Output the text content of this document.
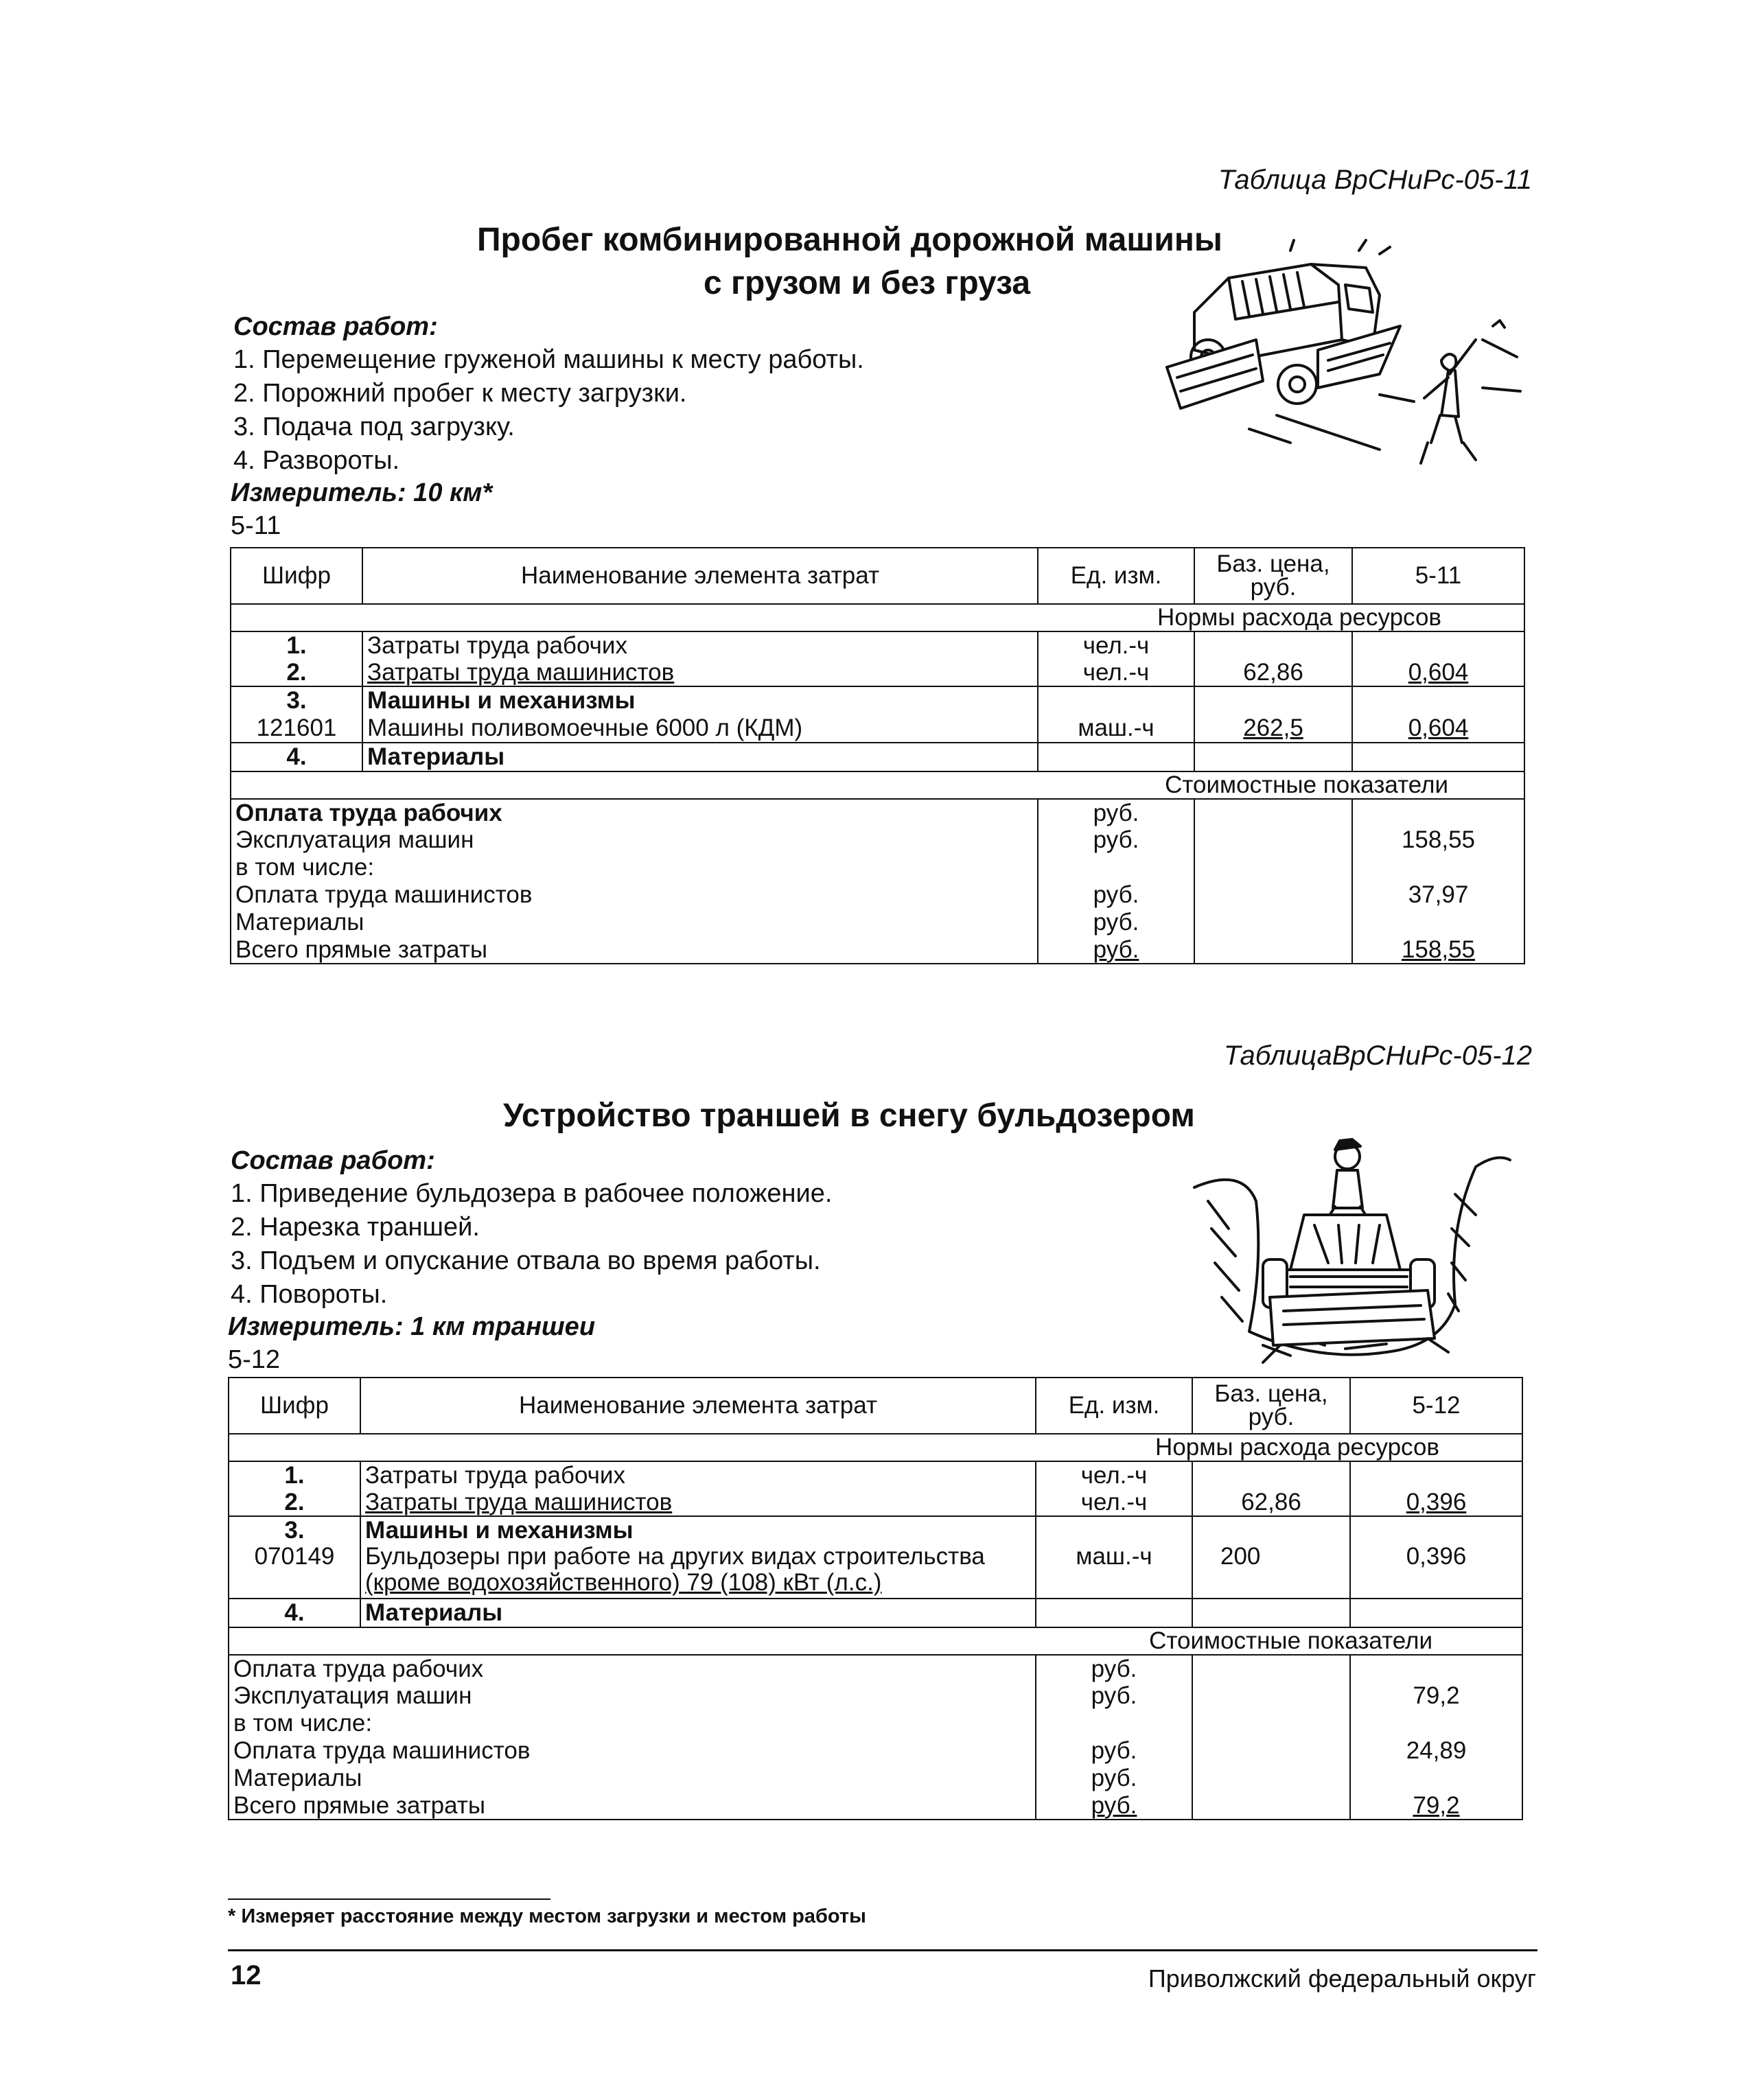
Таблица ВрСНиРс-05-11
Пробег комбинированной дорожной машины
с грузом и без груза
Состав работ:
1. Перемещение груженой машины к месту работы.
2. Порожний пробег к месту загрузки.
3. Подача под загрузку.
4. Развороты.
Измеритель: 10 км*
5-11
Шифр	Наименование элемента затрат	Ед. изм.	Баз. цена, руб.	5-11
Нормы расхода ресурсов				
1.	Затраты труда рабочих	чел.-ч		
2.	Затраты труда машинистов	чел.-ч	62,86	0,604
3.	Машины и механизмы			
121601	Машины поливомоечные 6000 л (КДМ)	маш.-ч	262,5	0,604
4.	Материалы			
Стоимостные показатели				
Оплата труда рабочих		руб.		
Эксплуатация машин		руб.		158,55
в том числе:				
Оплата труда машинистов		руб.		37,97
Материалы		руб.		
Всего прямые затраты		руб.		158,55
ТаблицаВрСНиРс-05-12
Устройство траншей в снегу бульдозером
Состав работ:
1. Приведение бульдозера в рабочее положение.
2. Нарезка траншей.
3. Подъем и опускание отвала во время работы.
4. Повороты.
Измеритель: 1 км траншеи
5-12
Шифр	Наименование элемента затрат	Ед. изм.	Баз. цена, руб.	5-12
Нормы расхода ресурсов				
1.	Затраты труда рабочих	чел.-ч		
2.	Затраты труда машинистов	чел.-ч	62,86	0,396
3.	Машины и механизмы			
070149	Бульдозеры при работе на других видах строительства
(кроме водохозяйственного) 79 (108) кВт (л.с.)	маш.-ч	200	0,396
4.	Материалы			
Стоимостные показатели				
Оплата труда рабочих		руб.		
Эксплуатация машин		руб.		79,2
в том числе:				
Оплата труда машинистов		руб.		24,89
Материалы		руб.		
Всего прямые затраты		руб.		79,2
* Измеряет расстояние между местом загрузки и местом работы
12	Приволжский федеральный округ
